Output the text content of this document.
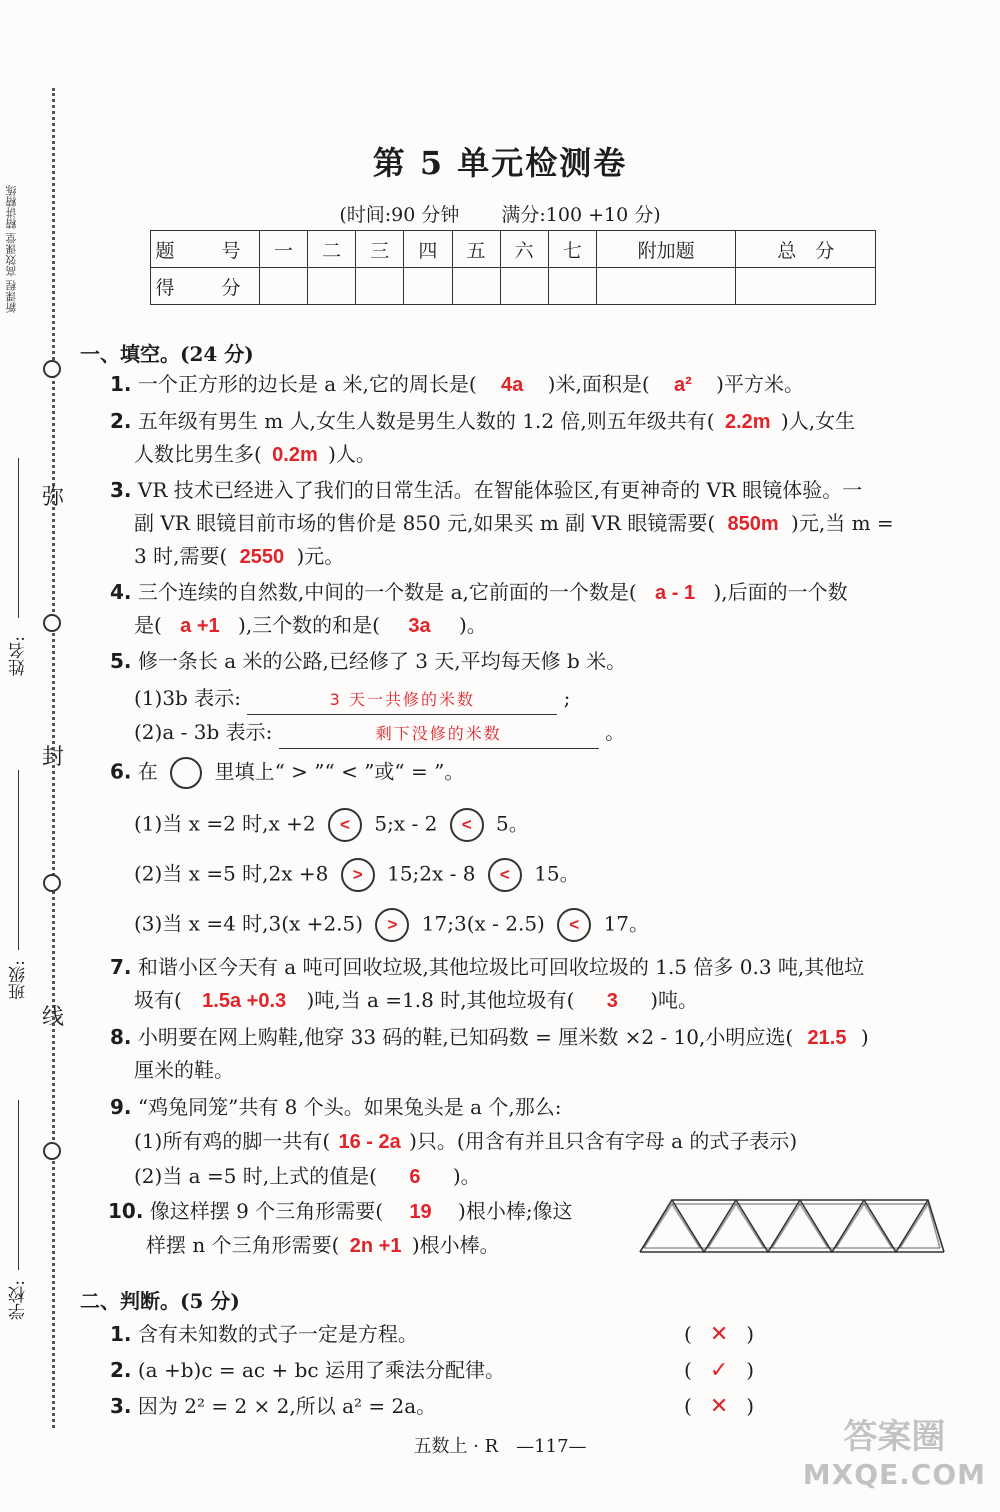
弥
封
线
新课程 高效课堂 精讲精练
姓名:
班级:
学校:
第 5 单元检测卷
(时间:90 分钟 满分:100 +10 分)
题　号	一	二	三	四	五	六	七	附加题	总　分
得　分									
一、填空。(24 分)
1. 一个正方形的边长是 a 米,它的周长是( 4a )米,面积是( a² )平方米。
2. 五年级有男生 m 人,女生人数是男生人数的 1.2 倍,则五年级共有( 2.2m )人,女生
人数比男生多( 0.2m )人。
3. VR 技术已经进入了我们的日常生活。在智能体验区,有更神奇的 VR 眼镜体验。一
副 VR 眼镜目前市场的售价是 850 元,如果买 m 副 VR 眼镜需要( 850m )元,当 m =
3 时,需要( 2550 )元。
4. 三个连续的自然数,中间的一个数是 a,它前面的一个数是( a - 1 ),后面的一个数
是( a +1 ),三个数的和是( 3a )。
5. 修一条长 a 米的公路,已经修了 3 天,平均每天修 b 米。
(1)3b 表示:	3 天一共修的米数	;
(2)a - 3b 表示:	剩下没修的米数	。
6. 在	里填上“ > ”“ < ”或“ = ”。
(1)当 x =2 时,x +2 < 5;x - 2 < 5。
(2)当 x =5 时,2x +8 > 15;2x - 8 < 15。
(3)当 x =4 时,3(x +2.5) > 17;3(x - 2.5) < 17。
7. 和谐小区今天有 a 吨可回收垃圾,其他垃圾比可回收垃圾的 1.5 倍多 0.3 吨,其他垃
圾有( 1.5a +0.3 )吨,当 a =1.8 时,其他垃圾有( 3 )吨。
8. 小明要在网上购鞋,他穿 33 码的鞋,已知码数 = 厘米数 ×2 - 10,小明应选( 21.5 )
厘米的鞋。
9. “鸡兔同笼”共有 8 个头。如果兔头是 a 个,那么:
(1)所有鸡的脚一共有( 16 - 2a )只。(用含有并且只含有字母 a 的式子表示)
(2)当 a =5 时,上式的值是( 6 )。
10. 像这样摆 9 个三角形需要( 19 )根小棒;像这
样摆 n 个三角形需要( 2n +1 )根小棒。
二、判断。(5 分)
1. 含有未知数的式子一定是方程。	( ✕ )
2. (a +b)c = ac + bc 运用了乘法分配律。	( ✓ )
3. 因为 2² = 2 × 2,所以 a² = 2a。	( ✕ )
五数上 · R　—117—	答案圈
MXQE.COM
